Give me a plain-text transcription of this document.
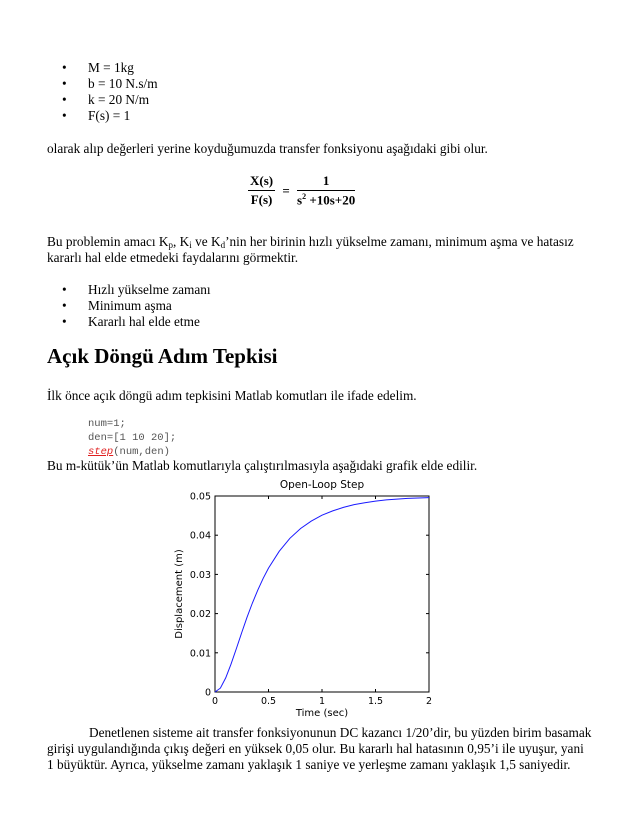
• M = 1kg
• b = 10 N.s/m
• k = 20 N/m
• F(s) = 1
olarak alıp değerleri yerine koyduğumuzda transfer fonksiyonu aşağıdaki gibi olur.
$\frac{X(s)}{F(s)} = \frac{1}{s^2 +10s+20}$
Bu problemin amacı $K_p$, $K_i$ ve $K_d’nin$ her birinin hızlı yükselme zamanı, minimum aşma ve hatasız kararlı hal elde etmedeki faydalarını görmektir.
• Hızlı yükselme zamanı
• Minimum aşma
• Kararlı hal elde etme
Açık Döngü Adım Tepkisi
İlk önce açık döngü adım tepkisini Matlab komutları ile ifade edelim.
num=1;
den=[1 10 20];
step(num,den)
Bu m-kütük’ün Matlab komutlarıyla çalıştırılmasıyla aşağıdaki grafik elde edilir.
Open-Loop Step
0	0.5	1	1.5	2
0
0.01
0.02
0.03
0.04
0.05
Time (sec)
Displacement (m)
Denetlenen sisteme ait transfer fonksiyonunun DC kazancı 1/20’dir, bu yüzden birim basamak girişi uygulandığında çıkış değeri en yüksek 0,05 olur. Bu kararlı hal hatasının 0,95’i ile uyuşur, yani 1 büyüktür. Ayrıca, yükselme zamanı yaklaşık 1 saniye ve yerleşme zamanı yaklaşık 1,5 saniyedir.
